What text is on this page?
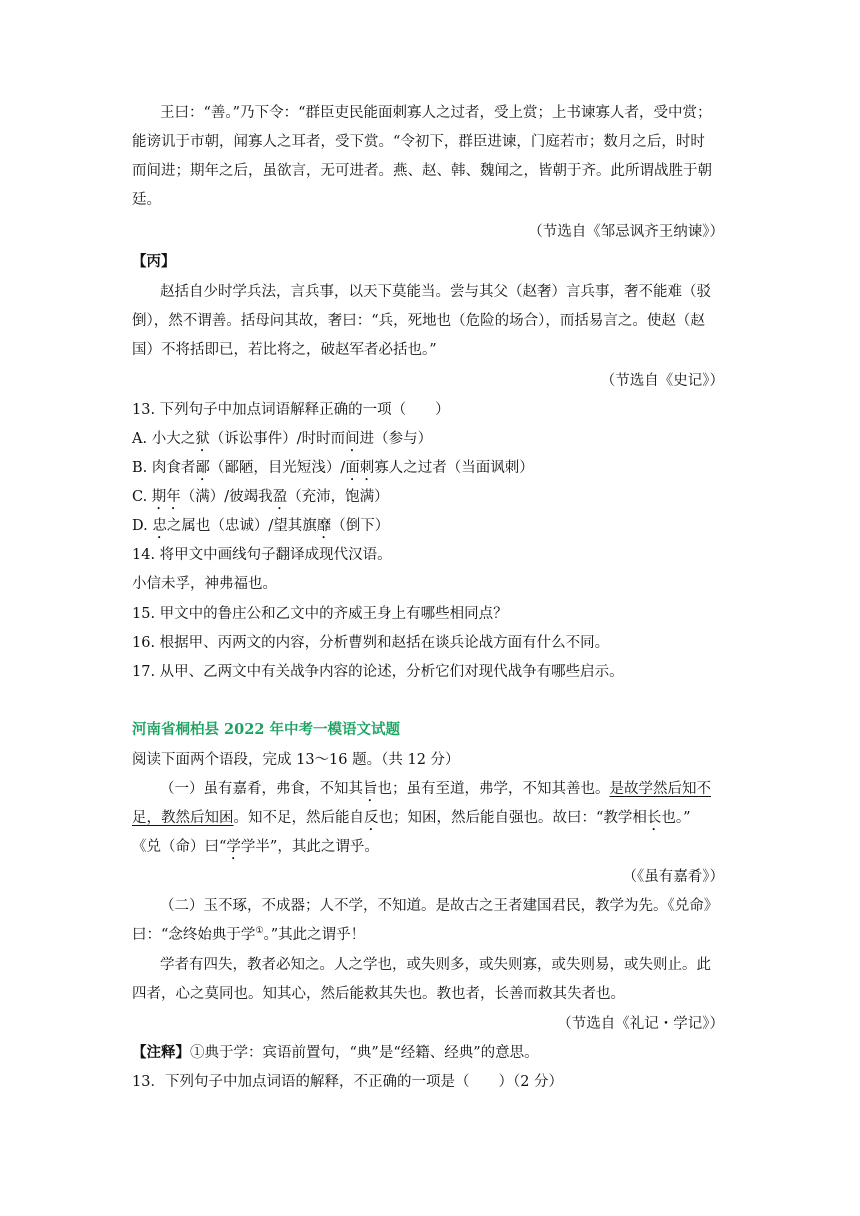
王曰：“善。”乃下令：“群臣吏民能面刺寡人之过者，受上赏；上书谏寡人者，受中赏；
能谤讥于市朝，闻寡人之耳者，受下赏。“令初下，群臣进谏，门庭若市；数月之后，时时
而间进；期年之后，虽欲言，无可进者。燕、赵、韩、魏闻之，皆朝于齐。此所谓战胜于朝
廷。
（节选自《邹忌讽齐王纳谏》）
【丙】
赵括自少时学兵法，言兵事，以天下莫能当。尝与其父（赵奢）言兵事，奢不能难（驳
倒），然不谓善。括母问其故，奢曰：“兵，死地也（危险的场合），而括易言之。使赵（赵
国）不将括即已，若比将之，破赵军者必括也。”
（节选自《史记》）
13. 下列句子中加点词语解释正确的一项（　　）
A. 小大之狱（诉讼事件）/时时而间进（参与）
B. 肉食者鄙（鄙陋，目光短浅）/面刺寡人之过者（当面讽刺）
C. 期年（满）/彼竭我盈（充沛，饱满）
D. 忠之属也（忠诚）/望其旗靡（倒下）
14. 将甲文中画线句子翻译成现代汉语。
小信未孚，神弗福也。
15. 甲文中的鲁庄公和乙文中的齐威王身上有哪些相同点？
16. 根据甲、丙两文的内容，分析曹刿和赵括在谈兵论战方面有什么不同。
17. 从甲、乙两文中有关战争内容的论述，分析它们对现代战争有哪些启示。
河南省桐柏县 2022 年中考一模语文试题
阅读下面两个语段，完成 13～16 题。（共 12 分）
（一）虽有嘉肴，弗食，不知其旨也；虽有至道，弗学，不知其善也。是故学然后知不
足，教然后知困。知不足，然后能自反也；知困，然后能自强也。故曰：“教学相长也。”
《兑（命）曰“学学半”，其此之谓乎。
（《虽有嘉肴》）
（二）玉不琢，不成器；人不学，不知道。是故古之王者建国君民，教学为先。《兑命》
曰：“念终始典于学①。”其此之谓乎！
学者有四失，教者必知之。人之学也，或失则多，或失则寡，或失则易，或失则止。此
四者，心之莫同也。知其心，然后能救其失也。教也者，长善而救其失者也。
（节选自《礼记・学记》）
【注释】①典于学：宾语前置句，“典”是“经籍、经典”的意思。
13．下列句子中加点词语的解释，不正确的一项是（　　）（2 分）
